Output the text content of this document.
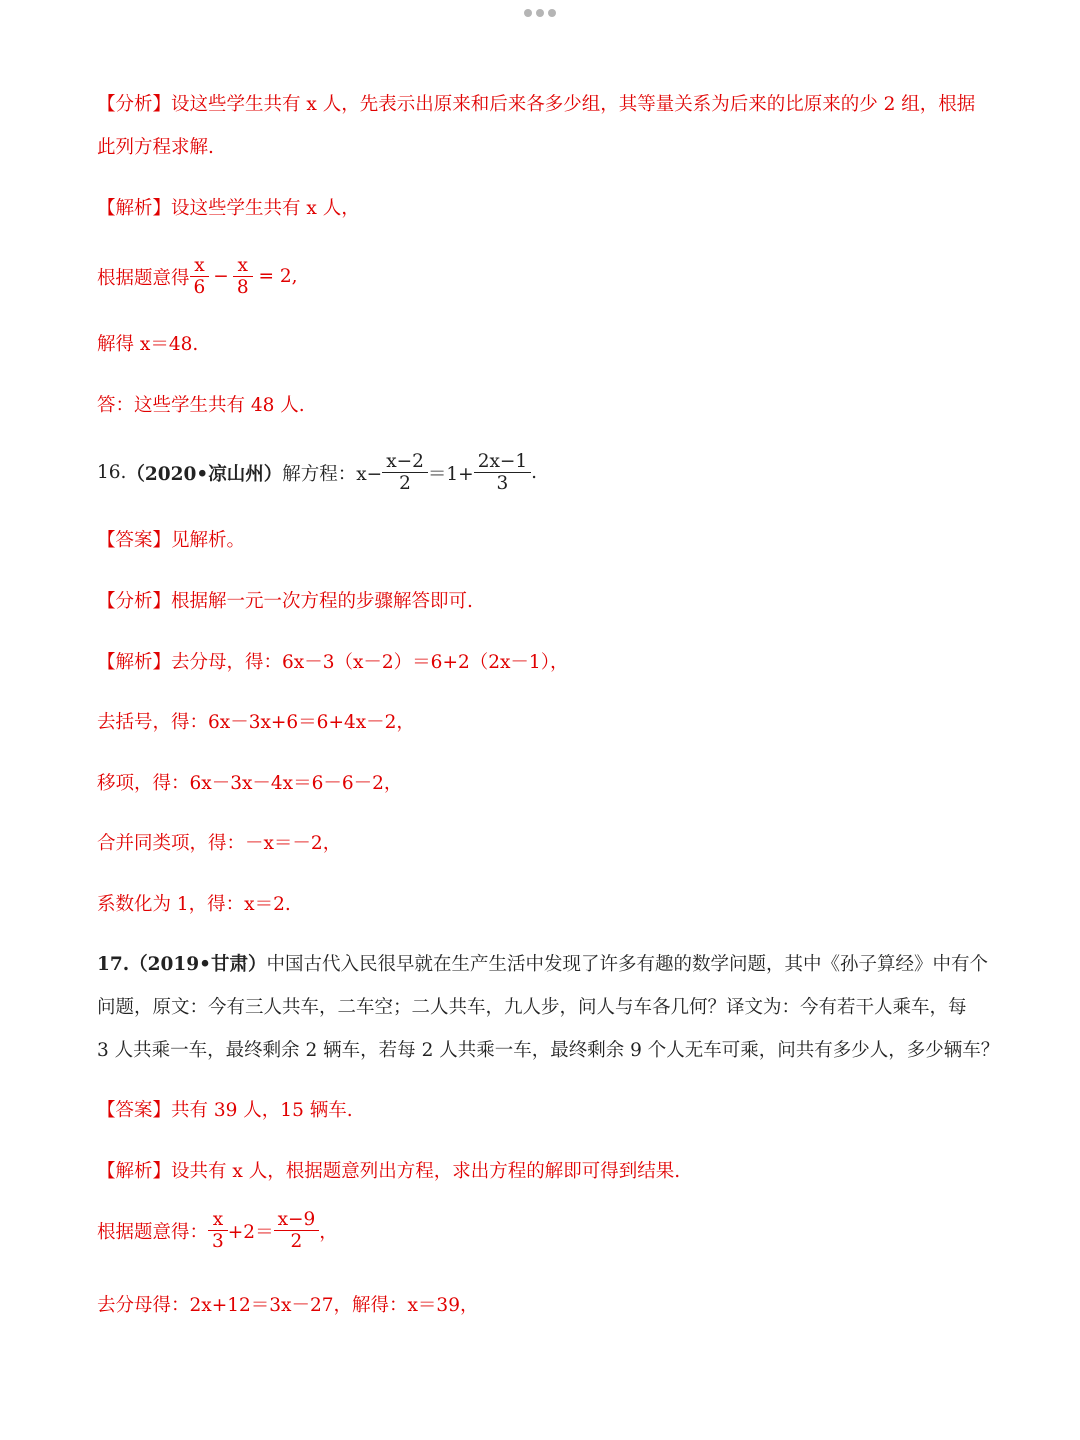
【分析】设这些学生共有 x 人，先表示出原来和后来各多少组，其等量关系为后来的比原来的少 2 组，根据
此列方程求解.
【解析】设这些学生共有 x 人，
根据题意得 $\frac{x}{6} - \frac{x}{8} = 2$,
解得 x＝48.
答：这些学生共有 48 人.
16. （2020•凉山州） 解方程：$x- \frac{x-2}{2} =1+ \frac{2x-1}{3}$ .
【答案】见解析。
【分析】根据解一元一次方程的步骤解答即可.
【解析】去分母，得：6x－3（x－2）＝6+2（2x－1），
去括号，得：6x－3x+6＝6+4x－2，
移项，得：6x－3x－4x＝6－6－2，
合并同类项，得：－x＝－2，
系数化为 1，得：x＝2.
17.（2019•甘肃）中国古代入民很早就在生产生活中发现了许多有趣的数学问题，其中《孙子算经》中有个
问题，原文：今有三人共车，二车空；二人共车，九人步，问人与车各几何？译文为：今有若干人乘车，每
3 人共乘一车，最终剩余 2 辆车，若每 2 人共乘一车，最终剩余 9 个人无车可乘，问共有多少人，多少辆车？
【答案】共有 39 人，15 辆车.
【解析】设共有 x 人，根据题意列出方程，求出方程的解即可得到结果.
根据题意得： $\frac{x}{3} +2= \frac{x-9}{2}$ ，
去分母得：2x+12＝3x－27，解得：x＝39，
